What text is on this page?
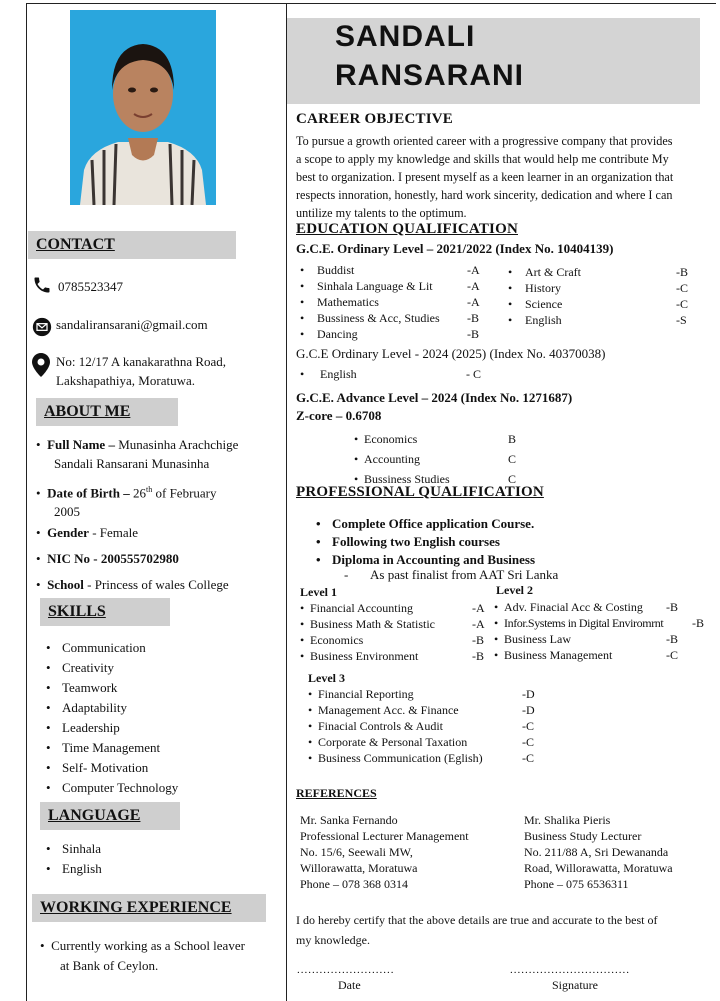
SANDALI
RANSARANI
CONTACT
0785523347
sandaliransarani@gmail.com
No: 12/17 A kanakarathna Road,
Lakshapathiya, Moratuwa.
ABOUT ME
• Full Name – Munasinha Arachchige
Sandali Ransarani Munasinha
• Date of Birth – 26th of February
2005
• Gender - Female
• NIC No - 200555702980
• School - Princess of wales College
SKILLS
• Communication
• Creativity
• Teamwork
• Adaptability
• Leadership
• Time Management
• Self- Motivation
• Computer Technology
LANGUAGE
• Sinhala
• English
WORKING EXPERIENCE
• Currently working as a School leaver
at Bank of Ceylon.
CAREER OBJECTIVE
To pursue a growth oriented career with a progressive company that provides
a scope to apply my knowledge and skills that would help me contribute My
best to organization. I present myself as a keen learner in an organization that
respects innoration, honestly, hard work sincerity, dedication and where I can
untilize my talents to the optimum.
EDUCATION QUALIFICATION
G.C.E. Ordinary Level – 2021/2022 (Index No. 10404139)
• Buddist	-A
• Sinhala Language & Lit	-A
• Mathematics	-A
• Bussiness & Acc, Studies -B
• Dancing	-B
• Art & Craft	-B
• History	-C
• Science	-C
• English	-S
G.C.E Ordinary Level - 2024 (2025) (Index No. 40370038)
• English	- C
G.C.E. Advance Level – 2024 (Index No. 1271687)
Z-core – 0.6708
• Economics	B
• Accounting	C
• Bussiness Studies	C
PROFESSIONAL QUALIFICATION
• Complete Office application Course.
• Following two English courses
• Diploma in Accounting and Business
- As past finalist from AAT Sri Lanka
Level 1	Level 2
• Financial Accounting	-A
• Business Math & Statistic	-A
• Economics	-B
• Business Environment	-B
• Adv. Finacial Acc & Costing -B
• Infor.Systems in Digital Enviromrnt -B
• Business Law	-B
• Business Management	-C
Level 3
• Financial Reporting	-D
• Management Acc. & Finance	-D
• Finacial Controls & Audit	-C
• Corporate & Personal Taxation	-C
• Business Communication (Eglish)	-C
REFERENCES
Mr. Sanka Fernando
Professional Lecturer Management
No. 15/6, Seewali MW,
Willorawatta, Moratuwa
Phone – 078 368 0314
Mr. Shalika Pieris
Business Study Lecturer
No. 211/88 A, Sri Dewananda
Road, Willorawatta, Moratuwa
Phone – 075 6536311
I do hereby certify that the above details are true and accurate to the best of
my knowledge.
..........................
Date
................................
Signature
